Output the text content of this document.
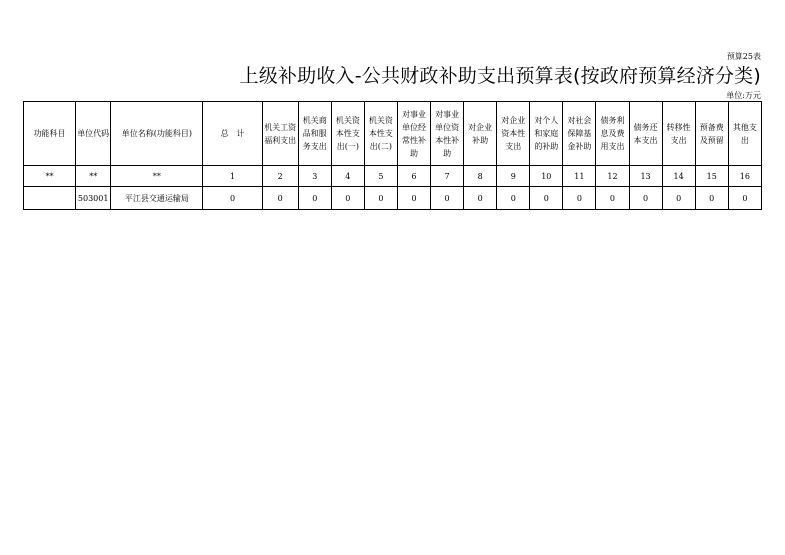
预算25表
上级补助收入-公共财政补助支出预算表(按政府预算经济分类)
单位:万元
功能科目	单位代码	单位名称(功能科目)	总　计	机关工资福利支出	机关商品和服务支出	机关资本性支出(一)	机关资本性支出(二)	对事业单位经常性补助	对事业单位资本性补助	对企业补助	对企业资本性支出	对个人和家庭的补助	对社会保障基金补助	债务利息及费用支出	债务还本支出	转移性支出	预备费及预留	其他支出
**	**	**	1	2	3	4	5	6	7	8	9	10	11	12	13	14	15	16
	503001	平江县交通运输局	0	0	0	0	0	0	0	0	0	0	0	0	0	0	0	0
